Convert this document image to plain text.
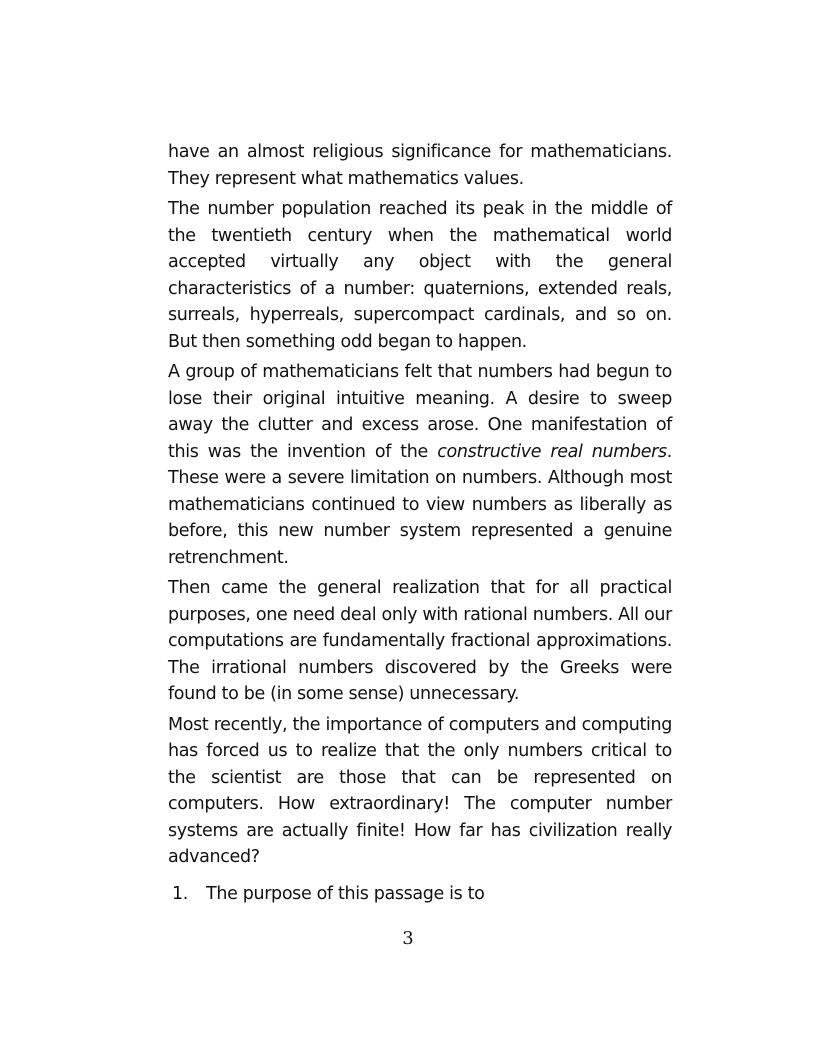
have an almost religious significance for mathematicians. They represent what mathematics values.

The number population reached its peak in the middle of the twentieth century when the mathematical world accepted virtually any object with the general characteristics of a number: quaternions, extended reals, surreals, hyperreals, supercompact cardinals, and so on. But then something odd began to happen.

A group of mathematicians felt that numbers had begun to lose their original intuitive meaning. A desire to sweep away the clutter and excess arose. One manifestation of this was the invention of the constructive real numbers. These were a severe limitation on numbers. Although most mathematicians continued to view numbers as liberally as before, this new number system represented a genuine retrenchment.

Then came the general realization that for all practical purposes, one need deal only with rational numbers. All our computations are fundamentally fractional approximations. The irrational numbers discovered by the Greeks were found to be (in some sense) unnecessary.

Most recently, the importance of computers and computing has forced us to realize that the only numbers critical to the scientist are those that can be represented on computers. How extraordinary! The computer number systems are actually finite! How far has civilization really advanced?

1.	The purpose of this passage is to
3
